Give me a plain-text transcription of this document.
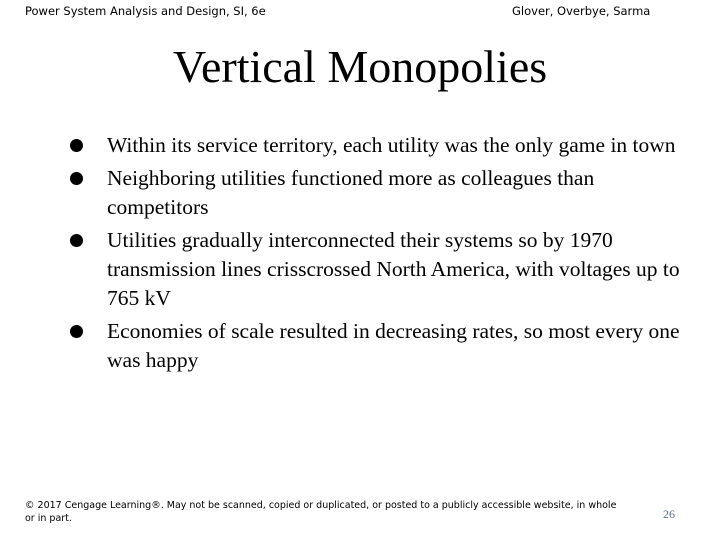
Power System Analysis and Design, SI, 6e	Glover, Overbye, Sarma
Vertical Monopolies
Within its service territory, each utility was the only game in town
Neighboring utilities functioned more as colleagues than competitors
Utilities gradually interconnected their systems so by 1970 transmission lines crisscrossed North America, with voltages up to 765 kV
Economies of scale resulted in decreasing rates, so most every one was happy
© 2017 Cengage Learning®. May not be scanned, copied or duplicated, or posted to a publicly accessible website, in whole or in part.	26
